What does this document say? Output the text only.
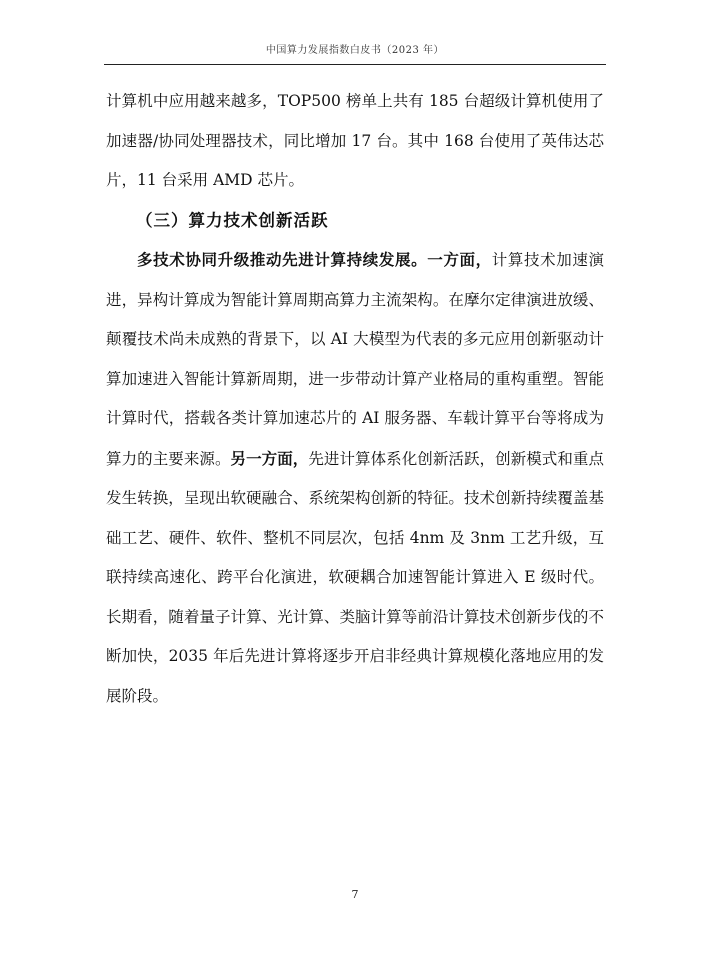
中国算力发展指数白皮书（2023 年）

计算机中应用越来越多，TOP500 榜单上共有 185 台超级计算机使用了加速器/协同处理器技术，同比增加 17 台。其中 168 台使用了英伟达芯片，11 台采用 AMD 芯片。

（三）算力技术创新活跃

多技术协同升级推动先进计算持续发展。一方面，计算技术加速演进，异构计算成为智能计算周期高算力主流架构。在摩尔定律演进放缓、颠覆技术尚未成熟的背景下，以 AI 大模型为代表的多元应用创新驱动计算加速进入智能计算新周期，进一步带动计算产业格局的重构重塑。智能计算时代，搭载各类计算加速芯片的 AI 服务器、车载计算平台等将成为算力的主要来源。另一方面，先进计算体系化创新活跃，创新模式和重点发生转换，呈现出软硬融合、系统架构创新的特征。技术创新持续覆盖基础工艺、硬件、软件、整机不同层次，包括 4nm 及 3nm 工艺升级，互联持续高速化、跨平台化演进，软硬耦合加速智能计算进入 E 级时代。长期看，随着量子计算、光计算、类脑计算等前沿计算技术创新步伐的不断加快，2035 年后先进计算将逐步开启非经典计算规模化落地应用的发展阶段。

7
